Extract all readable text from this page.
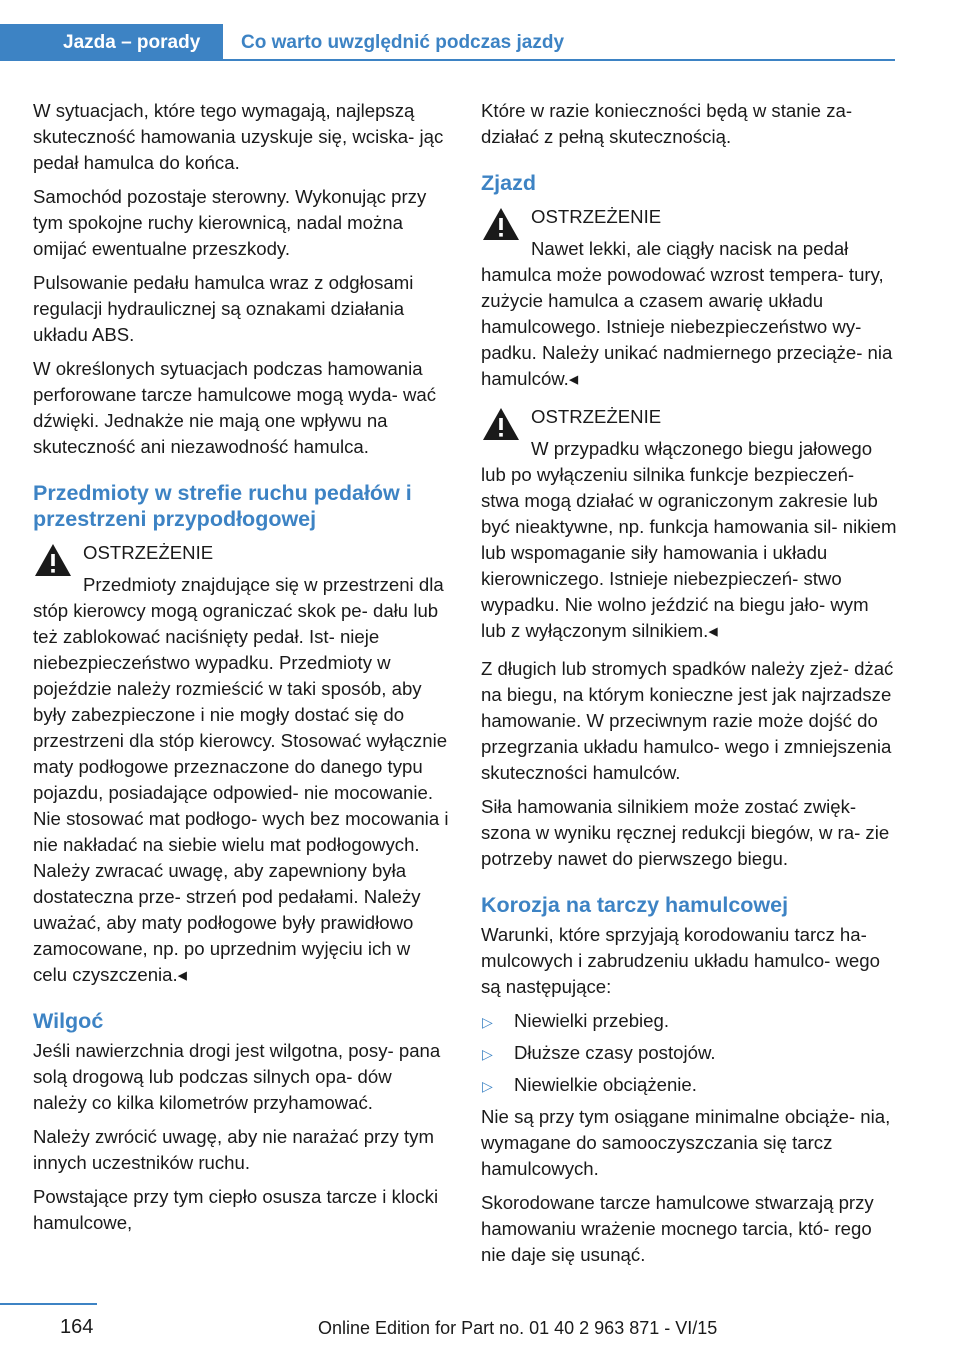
Jazda – porady	Co warto uwzględnić podczas jazdy

W sytuacjach, które tego wymagają, najlepszą skuteczność hamowania uzyskuje się, wciska‐ jąc pedał hamulca do końca.

Samochód pozostaje sterowny. Wykonując przy tym spokojne ruchy kierownicą, nadal można omijać ewentualne przeszkody.

Pulsowanie pedału hamulca wraz z odgłosami regulacji hydraulicznej są oznakami działania układu ABS.

W określonych sytuacjach podczas hamowania perforowane tarcze hamulcowe mogą wyda‐ wać dźwięki. Jednakże nie mają one wpływu na skuteczność ani niezawodność hamulca.

Przedmioty w strefie ruchu pedałów i przestrzeni przypodłogowej
OSTRZEŻENIE
Przedmioty znajdujące się w przestrzeni dla stóp kierowcy mogą ograniczać skok pe‐ dału lub też zablokować naciśnięty pedał. Ist‐ nieje niebezpieczeństwo wypadku. Przedmioty w pojeździe należy rozmieścić w taki sposób, aby były zabezpieczone i nie mogły dostać się do przestrzeni dla stóp kierowcy. Stosować wyłącznie maty podłogowe przeznaczone do danego typu pojazdu, posiadające odpowied‐ nie mocowanie. Nie stosować mat podłogo‐ wych bez mocowania i nie nakładać na siebie wielu mat podłogowych. Należy zwracać uwagę, aby zapewniony była dostateczna prze‐ strzeń pod pedałami. Należy uważać, aby maty podłogowe były prawidłowo zamocowane, np. po uprzednim wyjęciu ich w celu czyszczenia.◂
Wilgoć

Jeśli nawierzchnia drogi jest wilgotna, posy‐ pana solą drogową lub podczas silnych opa‐ dów należy co kilka kilometrów przyhamować.

Należy zwrócić uwagę, aby nie narażać przy tym innych uczestników ruchu.

Powstające przy tym ciepło osusza tarcze i klocki hamulcowe,

Które w razie konieczności będą w stanie za‐ działać z pełną skutecznością.

Zjazd
OSTRZEŻENIE
Nawet lekki, ale ciągły nacisk na pedał hamulca może powodować wzrost tempera‐ tury, zużycie hamulca a czasem awarię układu hamulcowego. Istnieje niebezpieczeństwo wy‐ padku. Należy unikać nadmiernego przeciąże‐ nia hamulców.◂
OSTRZEŻENIE
W przypadku włączonego biegu jałowego lub po wyłączeniu silnika funkcje bezpieczeń‐ stwa mogą działać w ograniczonym zakresie lub być nieaktywne, np. funkcja hamowania sil‐ nikiem lub wspomaganie siły hamowania i układu kierowniczego. Istnieje niebezpieczeń‐ stwo wypadku. Nie wolno jeździć na biegu jało‐ wym lub z wyłączonym silnikiem.◂

Z długich lub stromych spadków należy zjeż‐ dżać na biegu, na którym konieczne jest jak najrzadsze hamowanie. W przeciwnym razie może dojść do przegrzania układu hamulco‐ wego i zmniejszenia skuteczności hamulców.

Siła hamowania silnikiem może zostać zwięk‐ szona w wyniku ręcznej redukcji biegów, w ra‐ zie potrzeby nawet do pierwszego biegu.

Korozja na tarczy hamulcowej

Warunki, które sprzyjają korodowaniu tarcz ha‐ mulcowych i zabrudzeniu układu hamulco‐ wego są następujące:

▷ Niewielki przebieg.
▷ Dłuższe czasy postojów.
▷ Niewielkie obciążenie.

Nie są przy tym osiągane minimalne obciąże‐ nia, wymagane do samooczyszczania się tarcz hamulcowych.

Skorodowane tarcze hamulcowe stwarzają przy hamowaniu wrażenie mocnego tarcia, któ‐ rego nie daje się usunąć.

164	Online Edition for Part no. 01 40 2 963 871 - VI/15
